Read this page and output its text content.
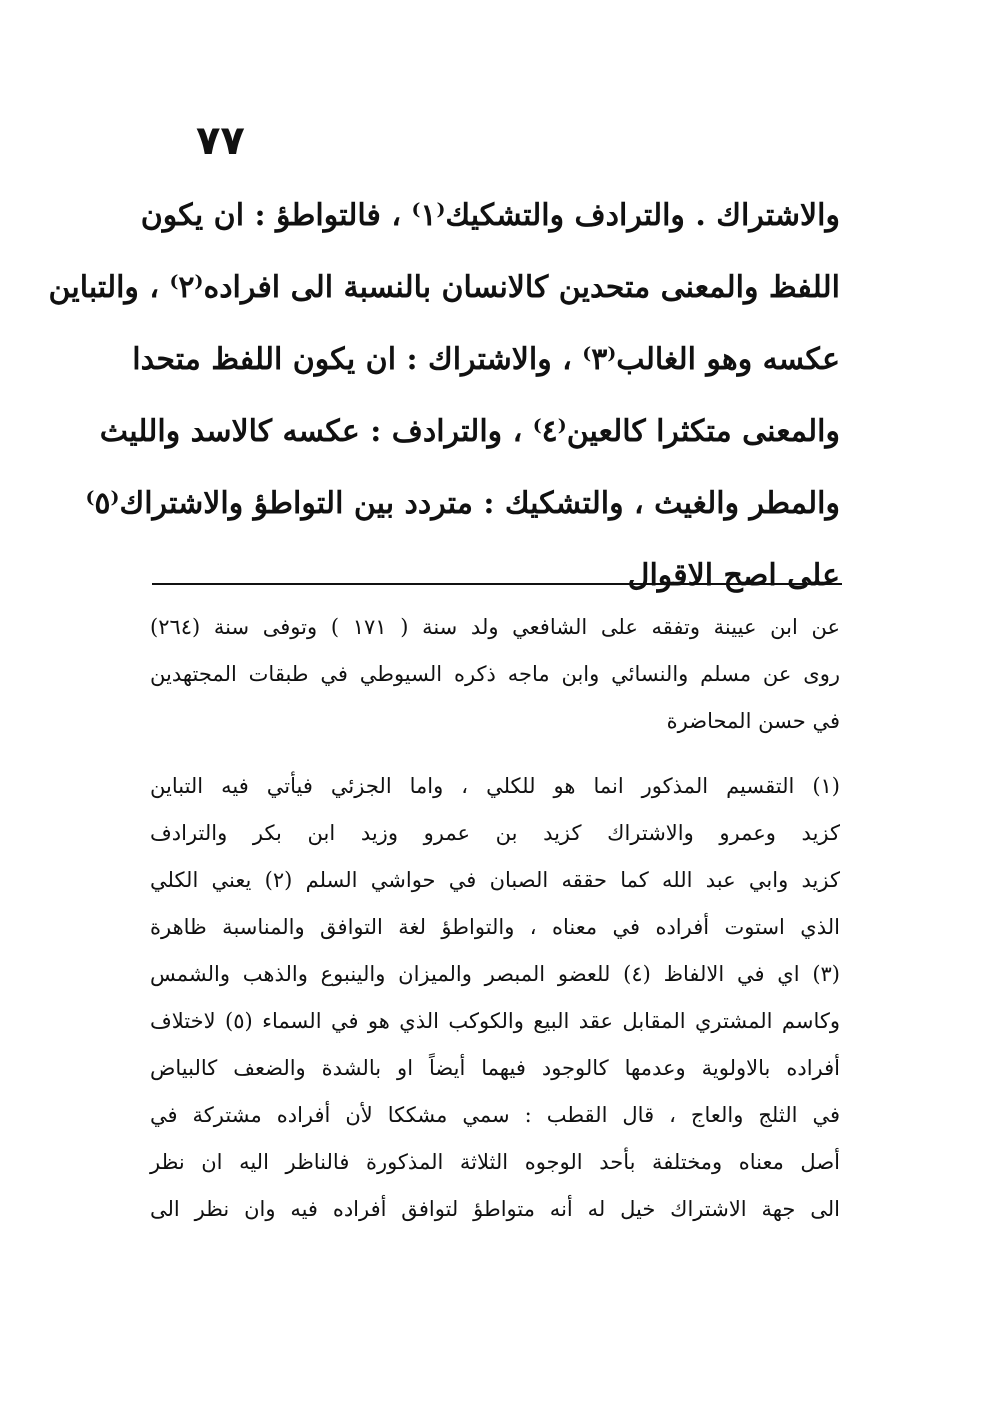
٧٧
والاشتراك . والترادف والتشكيك⁽١⁾ ، فالتواطؤ : ان يكون
اللفظ والمعنى متحدين كالانسان بالنسبة الى افراده⁽٢⁾ ، والتباين
عكسه وهو الغالب⁽٣⁾ ، والاشتراك : ان يكون اللفظ متحدا
والمعنى متكثرا كالعين⁽٤⁾ ، والترادف : عكسه كالاسد والليث
والمطر والغيث ، والتشكيك : متردد بين التواطؤ والاشتراك⁽٥⁾
على اصح الاقوال
عن ابن عيينة وتفقه على الشافعي ولد سنة ( ١٧١ ) وتوفى سنة (٢٦٤)
روى عن مسلم والنسائي وابن ماجه ذكره السيوطي في طبقات المجتهدين
في حسن المحاضرة
(١) التقسيم المذكور انما هو للكلي ، واما الجزئي فيأتي فيه التباين
كزيد وعمرو والاشتراك كزيد بن عمرو وزيد ابن بكر والترادف
كزيد وابي عبد الله كما حققه الصبان في حواشي السلم (٢) يعني الكلي
الذي استوت أفراده في معناه ، والتواطؤ لغة التوافق والمناسبة ظاهرة
(٣) اي في الالفاظ (٤) للعضو المبصر والميزان والينبوع والذهب والشمس
وكاسم المشتري المقابل عقد البيع والكوكب الذي هو في السماء (٥) لاختلاف
أفراده بالاولوية وعدمها كالوجود فيهما أيضاً او بالشدة والضعف كالبياض
في الثلج والعاج ، قال القطب : سمي مشككا لأن أفراده مشتركة في
أصل معناه ومختلفة بأحد الوجوه الثلاثة المذكورة فالناظر اليه ان نظر
الى جهة الاشتراك خيل له أنه متواطؤ لتوافق أفراده فيه وان نظر الى
